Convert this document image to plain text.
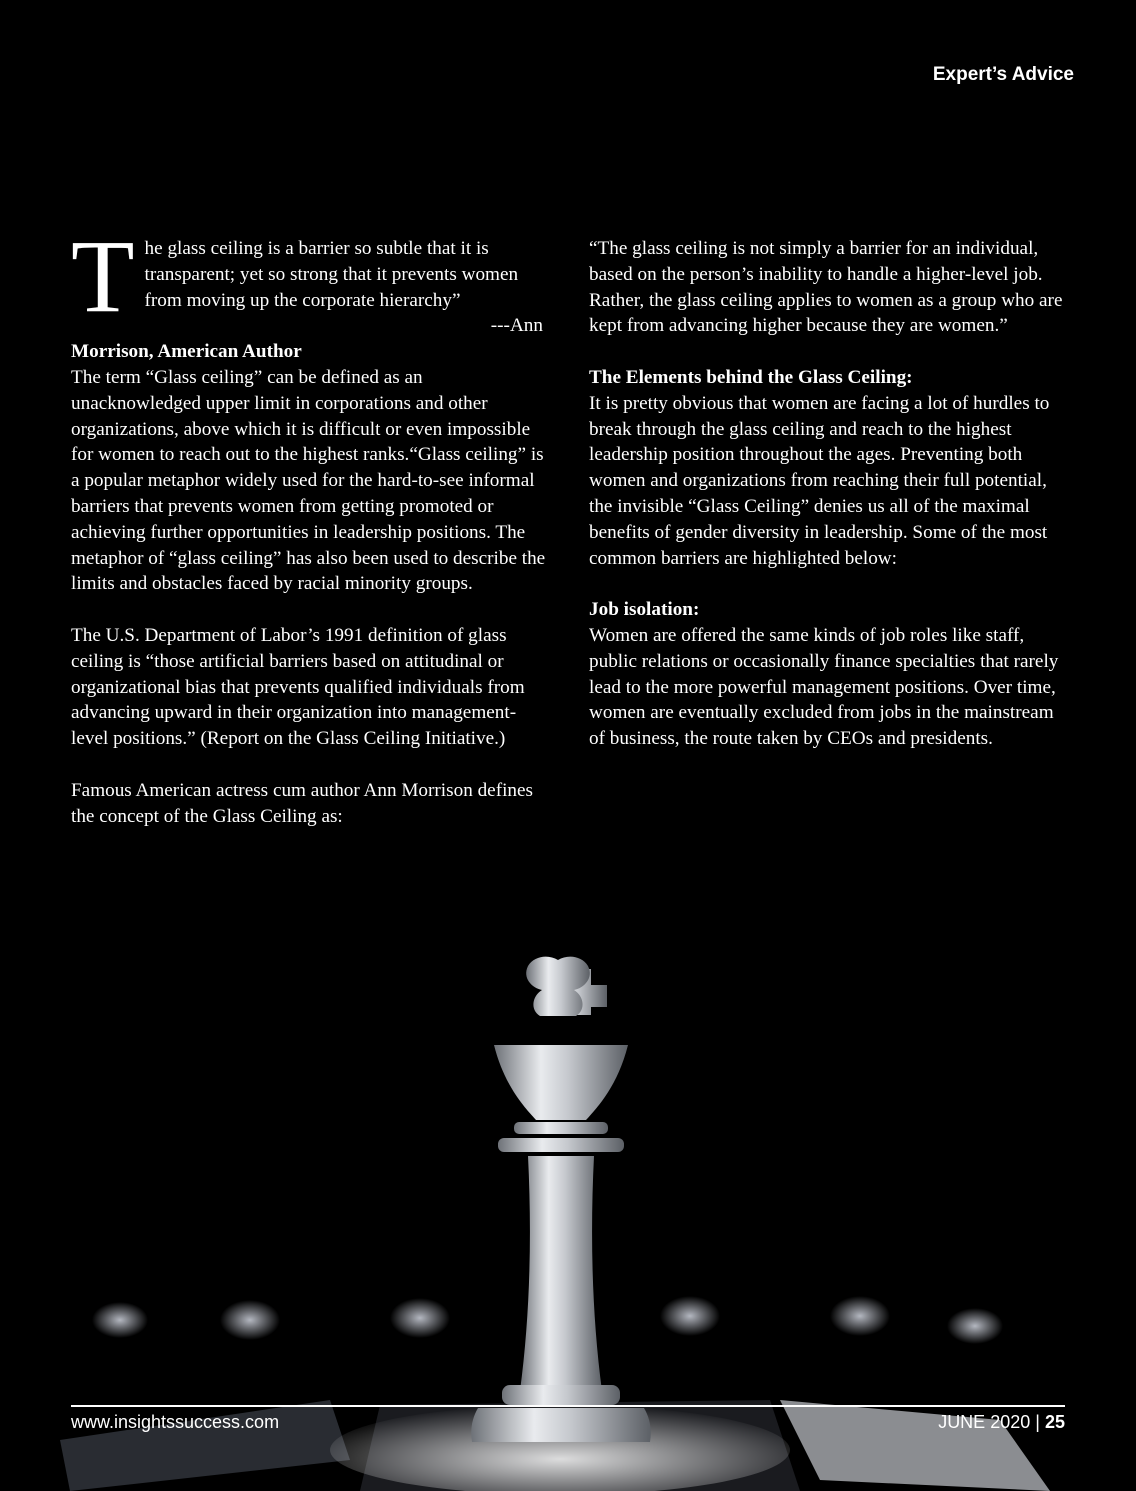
Expert’s Advice

The glass ceiling is a barrier so subtle that it is transparent; yet so strong that it prevents women from moving up the corporate hierarchy”

---Ann

Morrison, American Author

The term “Glass ceiling” can be defined as an unacknowledged upper limit in corporations and other organizations, above which it is difficult or even impossible for women to reach out to the highest ranks.“Glass ceiling” is a popular metaphor widely used for the hard-to-see informal barriers that prevents women from getting promoted or achieving further opportunities in leadership positions. The metaphor of “glass ceiling” has also been used to describe the limits and obstacles faced by racial minority groups.

The U.S. Department of Labor’s 1991 definition of glass ceiling is “those artificial barriers based on attitudinal or organizational bias that prevents qualified individuals from advancing upward in their organization into management-level positions.” (Report on the Glass Ceiling Initiative.)

Famous American actress cum author Ann Morrison defines the concept of the Glass Ceiling as:

“The glass ceiling is not simply a barrier for an individual, based on the person’s inability to handle a higher-level job. Rather, the glass ceiling applies to women as a group who are kept from advancing higher because they are women.”

The Elements behind the Glass Ceiling:

It is pretty obvious that women are facing a lot of hurdles to break through the glass ceiling and reach to the highest leadership position throughout the ages. Preventing both women and organizations from reaching their full potential, the invisible “Glass Ceiling” denies us all of the maximal benefits of gender diversity in leadership. Some of the most common barriers are highlighted below:

Job isolation:

Women are offered the same kinds of job roles like staff, public relations or occasionally finance specialties that rarely lead to the more powerful management positions. Over time, women are eventually excluded from jobs in the mainstream of business, the route taken by CEOs and presidents.

www.insightssuccess.com	JUNE 2020 | 25
